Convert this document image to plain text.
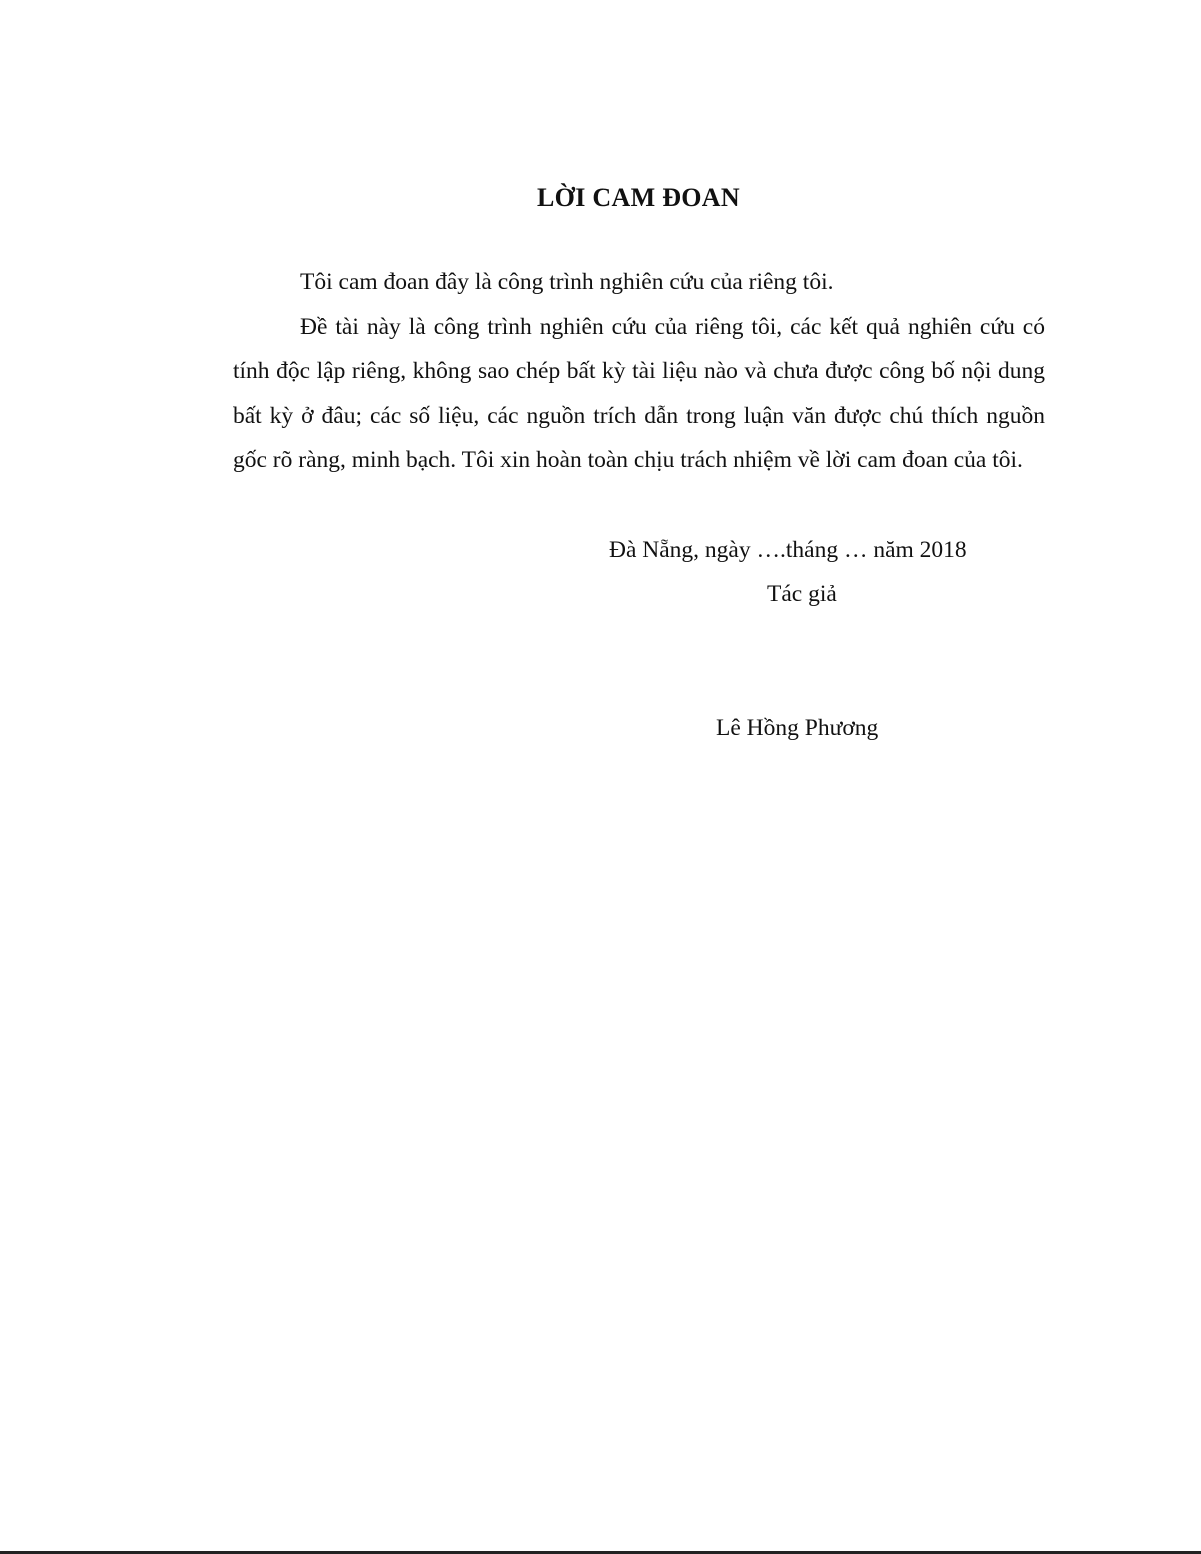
LỜI CAM ĐOAN

Tôi cam đoan đây là công trình nghiên cứu của riêng tôi.

Đề tài này là công trình nghiên cứu của riêng tôi, các kết quả nghiên cứu có tính độc lập riêng, không sao chép bất kỳ tài liệu nào và chưa được công bố nội dung bất kỳ ở đâu; các số liệu, các nguồn trích dẫn trong luận văn được chú thích nguồn gốc rõ ràng, minh bạch. Tôi xin hoàn toàn chịu trách nhiệm về lời cam đoan của tôi.

Đà Nẵng, ngày ….tháng … năm 2018
Tác giả
Lê Hồng Phương
